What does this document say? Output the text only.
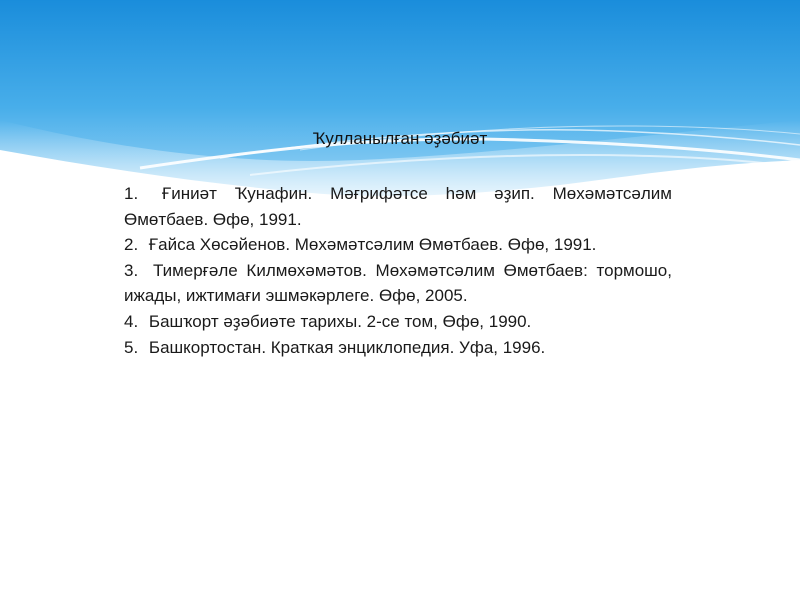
Ҡулланылған әҙәбиәт

1. Ғиниәт Ҡунафин. Мәғрифәтсе һәм әҙип. Мөхәмәтсәлим Өмөтбаев. Өфө, 1991.

2. Ғайса Хөсәйенов. Мөхәмәтсәлим Өмөтбаев. Өфө, 1991.

3. Тимерғәле Килмөхәмәтов. Мөхәмәтсәлим Өмөтбаев: тормошо, ижады, ижтимағи эшмәкәрлеге. Өфө, 2005.

4. Башҡорт әҙәбиәте тарихы. 2-се том, Өфө, 1990.

5. Башкортостан. Краткая энциклопедия. Уфа, 1996.
